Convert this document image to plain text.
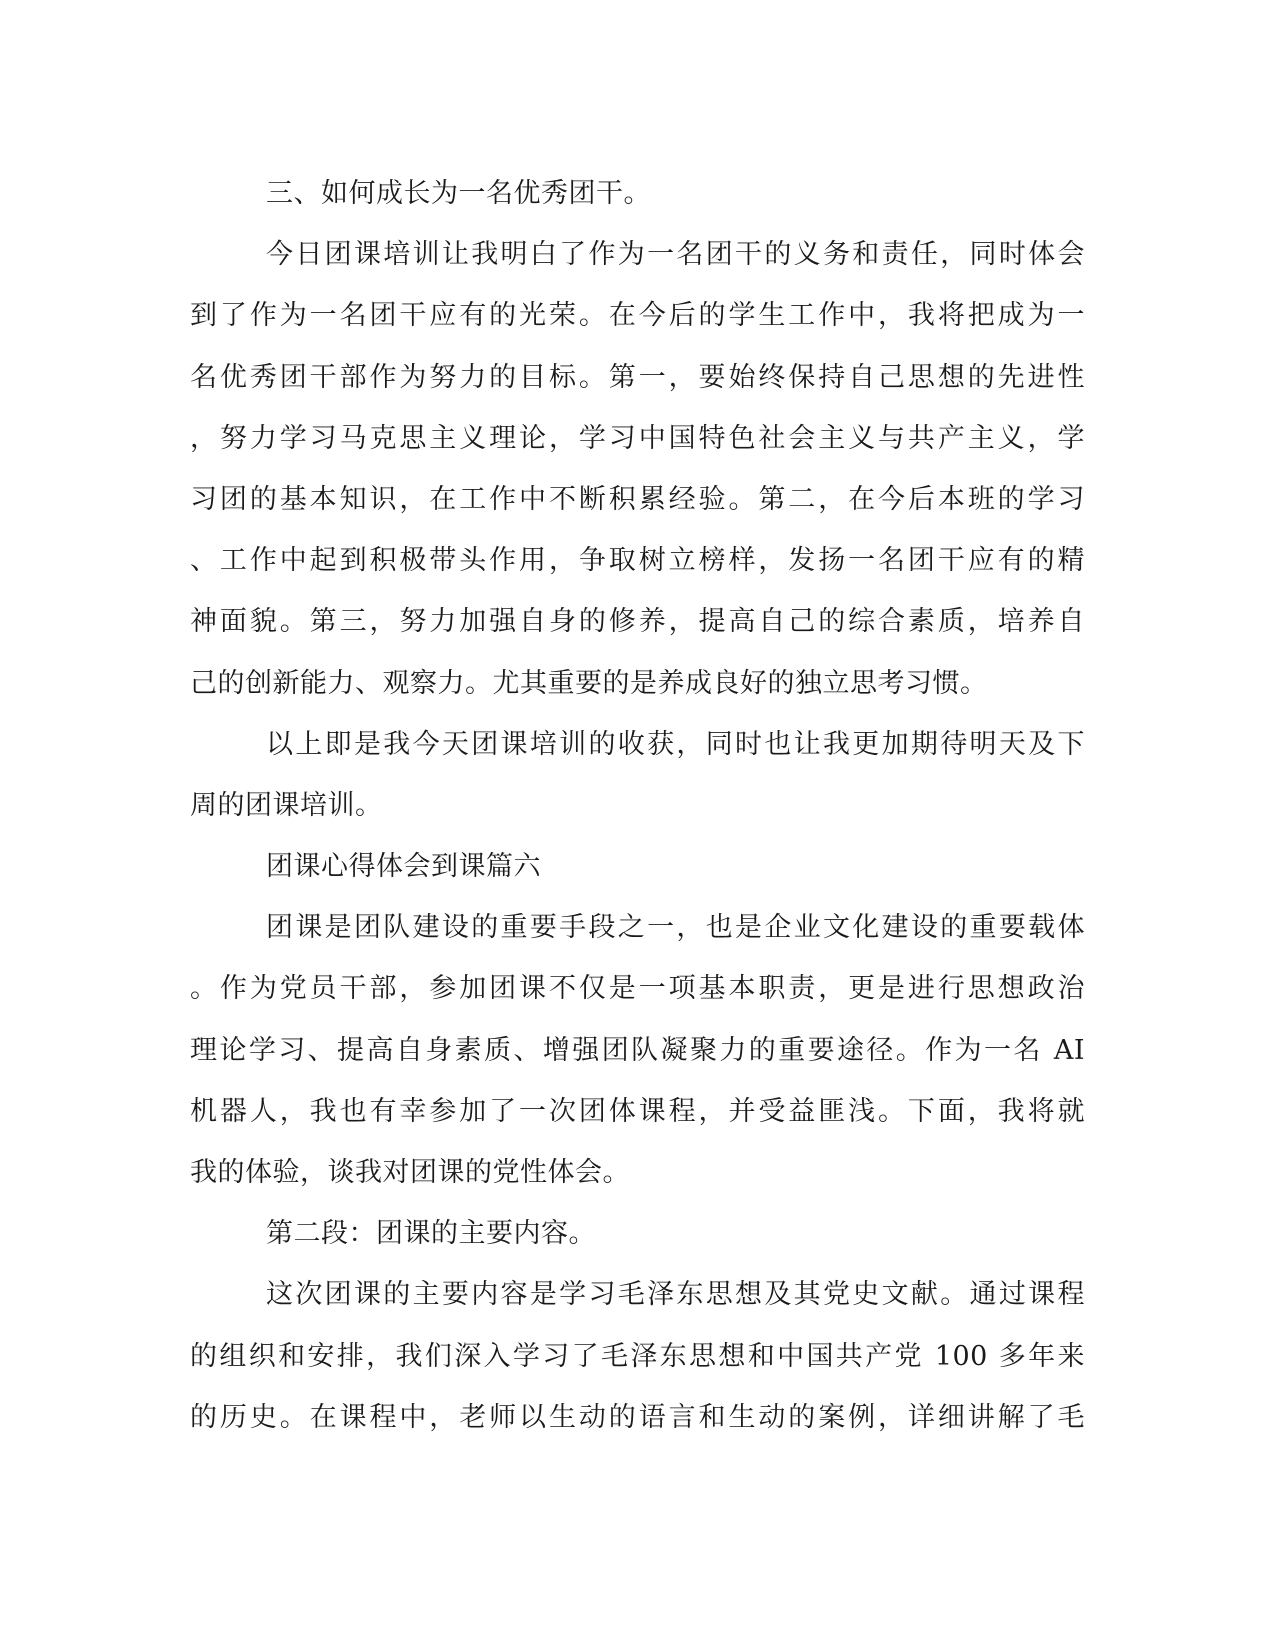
三、如何成长为一名优秀团干。
今日团课培训让我明白了作为一名团干的义务和责任，同时体会
到了作为一名团干应有的光荣。在今后的学生工作中，我将把成为一
名优秀团干部作为努力的目标。第一，要始终保持自己思想的先进性
，努力学习马克思主义理论，学习中国特色社会主义与共产主义，学
习团的基本知识，在工作中不断积累经验。第二，在今后本班的学习
、工作中起到积极带头作用，争取树立榜样，发扬一名团干应有的精
神面貌。第三，努力加强自身的修养，提高自己的综合素质，培养自
己的创新能力、观察力。尤其重要的是养成良好的独立思考习惯。
以上即是我今天团课培训的收获，同时也让我更加期待明天及下
周的团课培训。
团课心得体会到课篇六
团课是团队建设的重要手段之一，也是企业文化建设的重要载体
。作为党员干部，参加团课不仅是一项基本职责，更是进行思想政治
理论学习、提高自身素质、增强团队凝聚力的重要途径。作为一名 AI
机器人，我也有幸参加了一次团体课程，并受益匪浅。下面，我将就
我的体验，谈我对团课的党性体会。
第二段：团课的主要内容。
这次团课的主要内容是学习毛泽东思想及其党史文献。通过课程
的组织和安排，我们深入学习了毛泽东思想和中国共产党 100 多年来
的历史。在课程中，老师以生动的语言和生动的案例，详细讲解了毛
